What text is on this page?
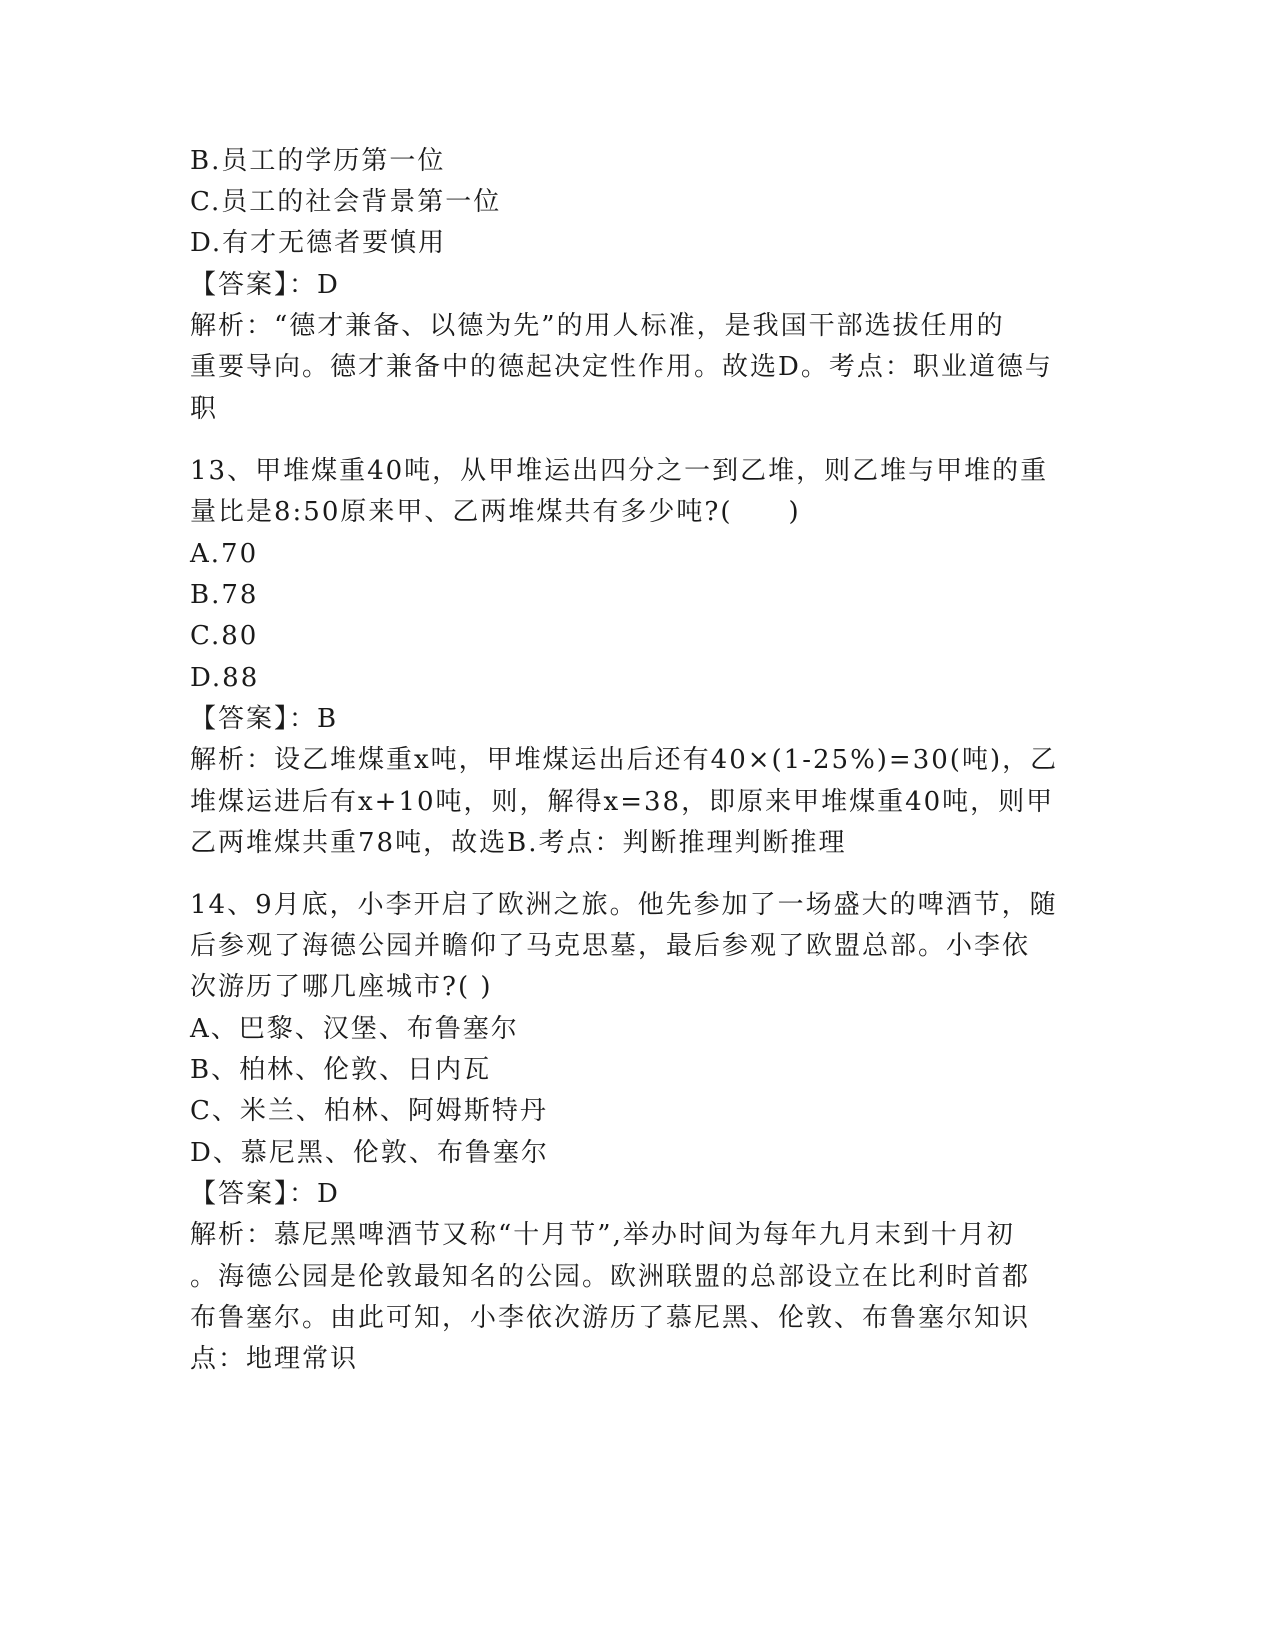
B.员工的学历第一位
C.员工的社会背景第一位
D.有才无德者要慎用
【答案】：D
解析：“德才兼备、以德为先”的用人标准，是我国干部选拔任用的
重要导向。德才兼备中的德起决定性作用。故选D。考点：职业道德与
职
13、甲堆煤重40吨，从甲堆运出四分之一到乙堆，则乙堆与甲堆的重
量比是8:50原来甲、乙两堆煤共有多少吨?(　　)
A.70
B.78
C.80
D.88
【答案】：B
解析：设乙堆煤重x吨，甲堆煤运出后还有40×(1-25%)=30(吨)，乙
堆煤运进后有x+10吨，则，解得x=38，即原来甲堆煤重40吨，则甲
乙两堆煤共重78吨，故选B.考点：判断推理判断推理
14、9月底，小李开启了欧洲之旅。他先参加了一场盛大的啤酒节，随
后参观了海德公园并瞻仰了马克思墓，最后参观了欧盟总部。小李依
次游历了哪几座城市?( )
A、巴黎、汉堡、布鲁塞尔
B、柏林、伦敦、日内瓦
C、米兰、柏林、阿姆斯特丹
D、慕尼黑、伦敦、布鲁塞尔
【答案】：D
解析：慕尼黑啤酒节又称“十月节”,举办时间为每年九月末到十月初
。海德公园是伦敦最知名的公园。欧洲联盟的总部设立在比利时首都
布鲁塞尔。由此可知，小李依次游历了慕尼黑、伦敦、布鲁塞尔知识
点：地理常识
